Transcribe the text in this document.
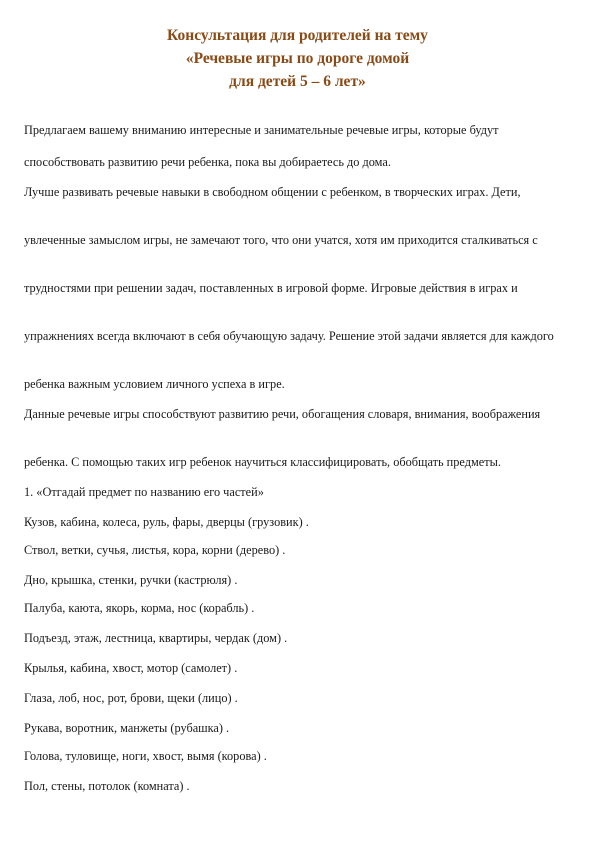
Консультация для родителей на тему
«Речевые игры по дороге домой
для детей 5 – 6 лет»
Предлагаем вашему вниманию интересные и занимательные речевые игры, которые будут
способствовать развитию речи ребенка, пока вы добираетесь до дома.
Лучше развивать речевые навыки в свободном общении с ребенком, в творческих играх. Дети,
увлеченные замыслом игры, не замечают того, что они учатся, хотя им приходится сталкиваться с
трудностями при решении задач, поставленных в игровой форме. Игровые действия в играх и
упражнениях всегда включают в себя обучающую задачу. Решение этой задачи является для каждого
ребенка важным условием личного успеха в игре.
Данные речевые игры способствуют развитию речи, обогащения словаря, внимания, воображения
ребенка. С помощью таких игр ребенок научиться классифицировать, обобщать предметы.
1. «Отгадай предмет по названию его частей»
Кузов, кабина, колеса, руль, фары, дверцы (грузовик) .
Ствол, ветки, сучья, листья, кора, корни (дерево) .
Дно, крышка, стенки, ручки (кастрюля) .
Палуба, каюта, якорь, корма, нос (корабль) .
Подъезд, этаж, лестница, квартиры, чердак (дом) .
Крылья, кабина, хвост, мотор (самолет) .
Глаза, лоб, нос, рот, брови, щеки (лицо) .
Рукава, воротник, манжеты (рубашка) .
Голова, туловище, ноги, хвост, вымя (корова) .
Пол, стены, потолок (комната) .
